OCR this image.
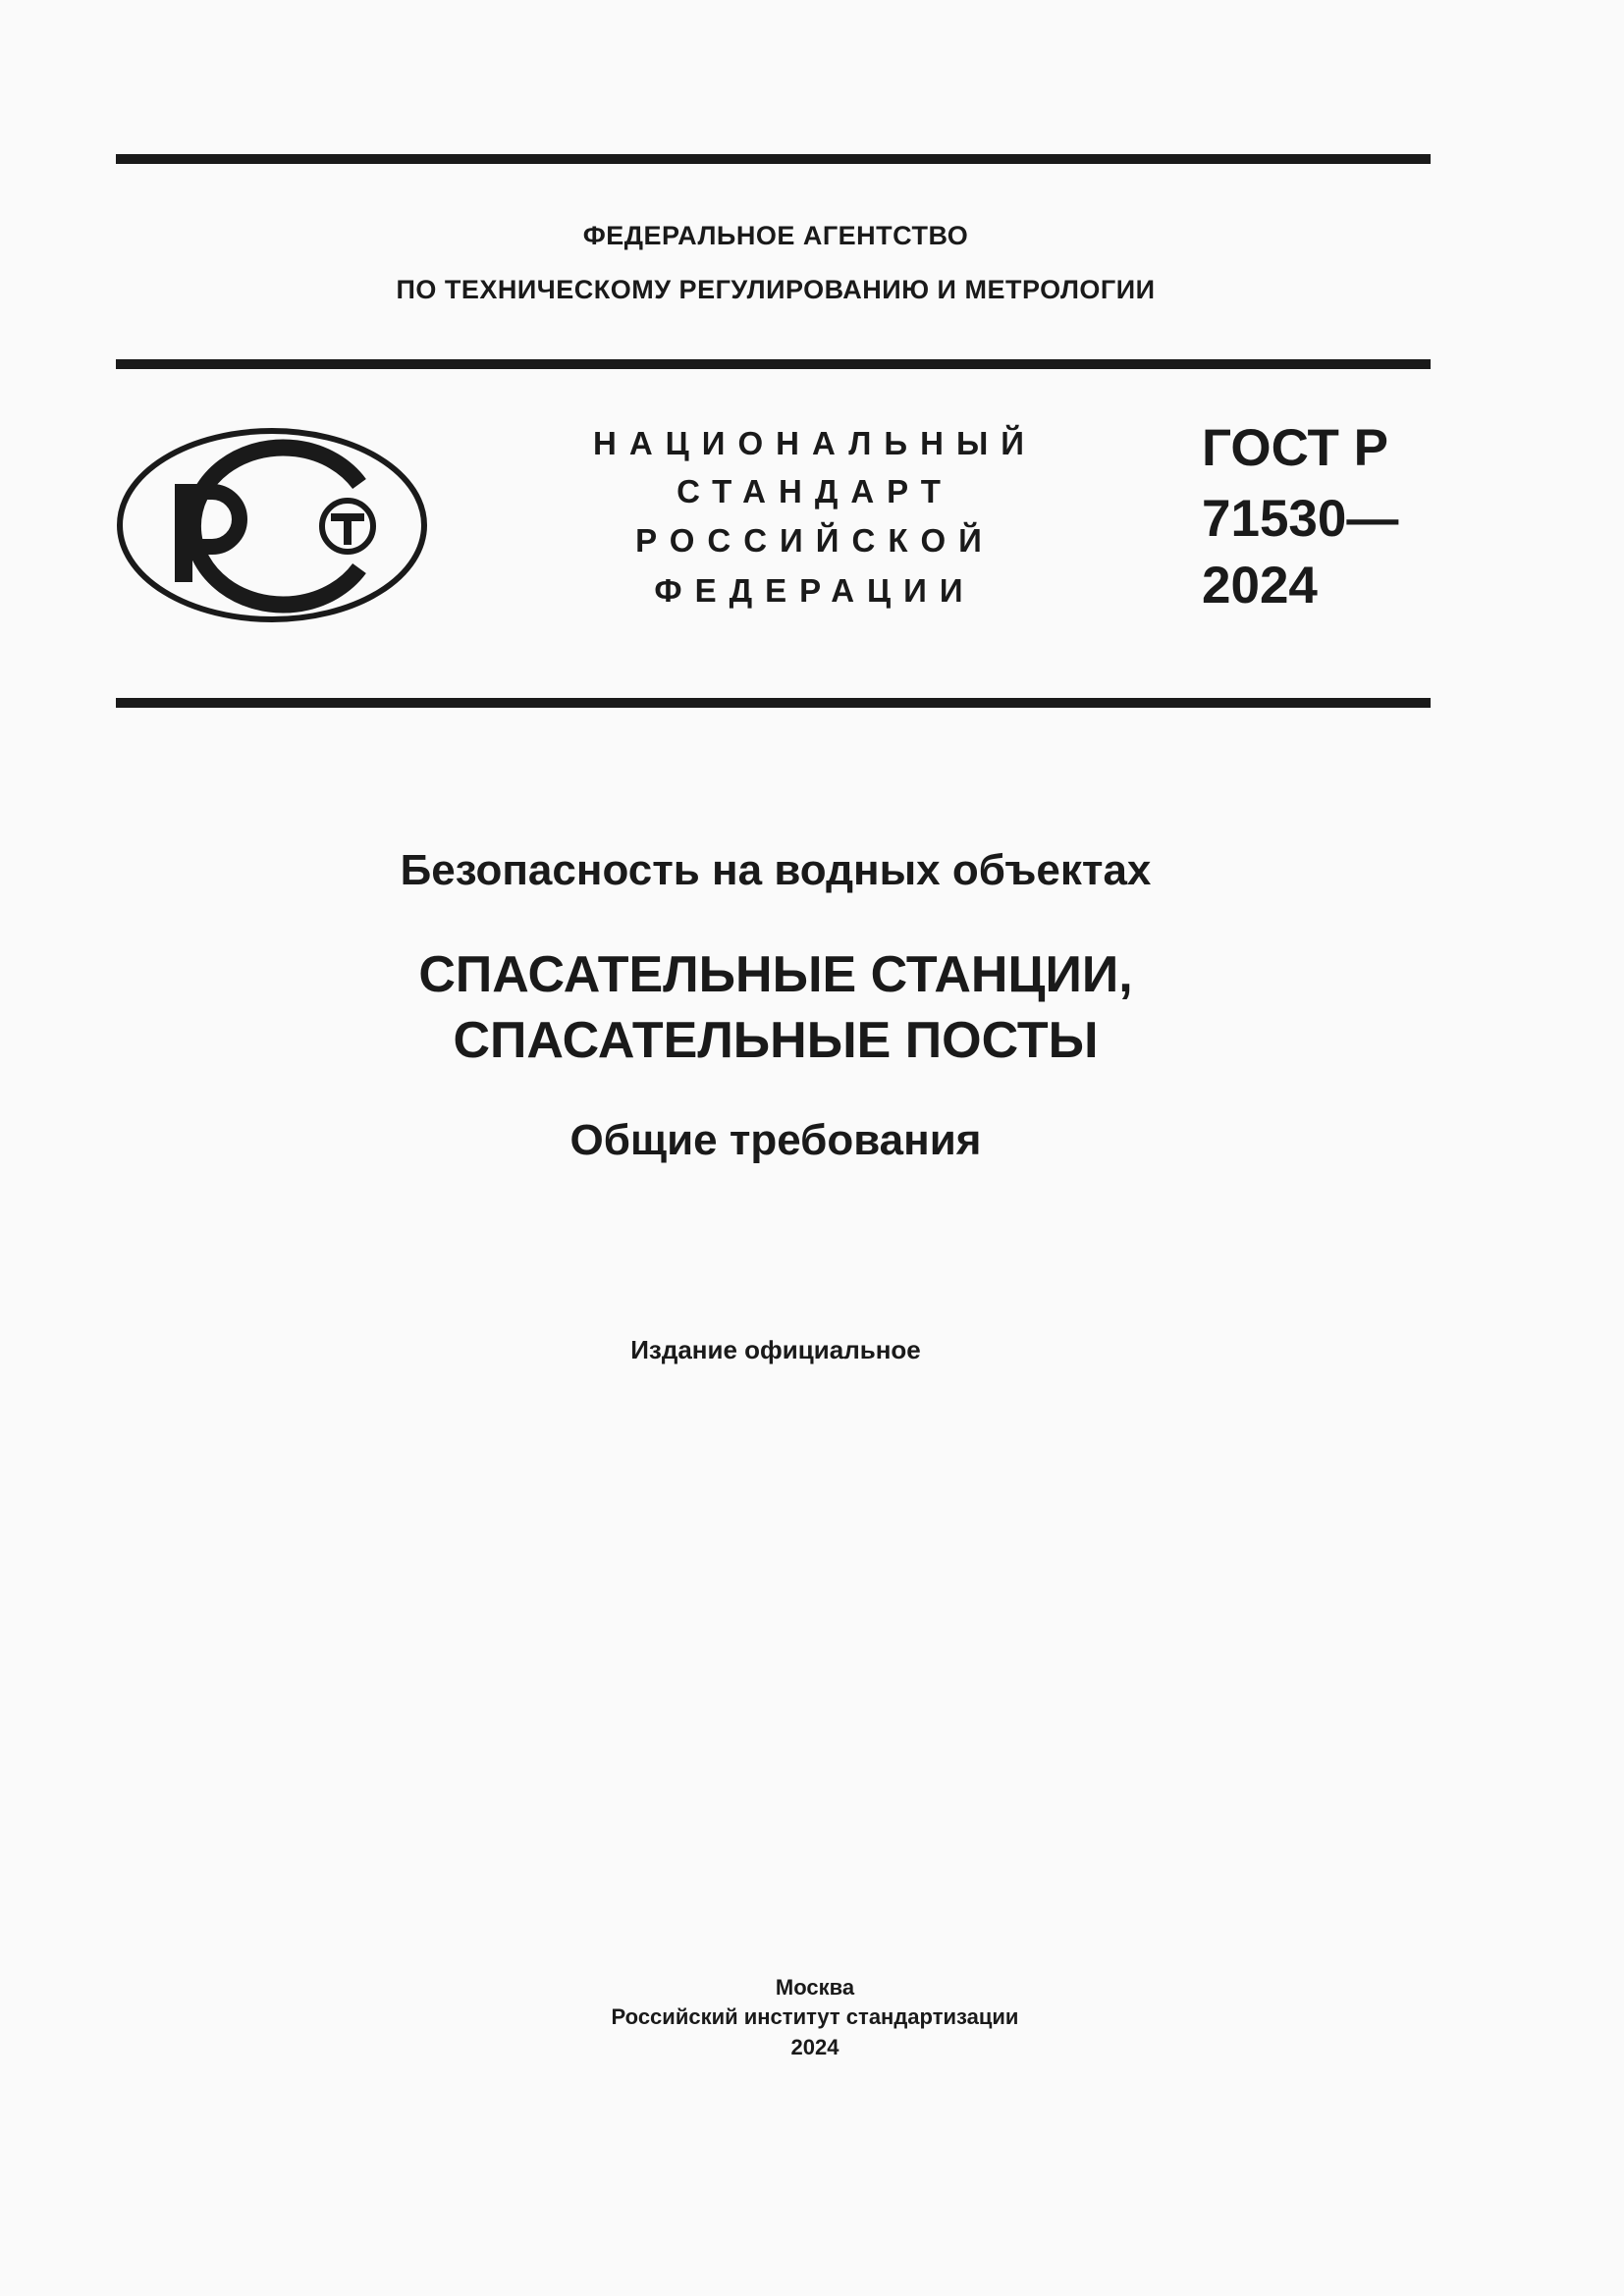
ФЕДЕРАЛЬНОЕ АГЕНТСТВО
ПО ТЕХНИЧЕСКОМУ РЕГУЛИРОВАНИЮ И МЕТРОЛОГИИ
НАЦИОНАЛЬНЫЙ
СТАНДАРТ
РОССИЙСКОЙ
ФЕДЕРАЦИИ
ГОСТ Р
71530—
2024
Безопасность на водных объектах
СПАСАТЕЛЬНЫЕ СТАНЦИИ,
СПАСАТЕЛЬНЫЕ ПОСТЫ
Общие требования
Издание официальное
Москва
Российский институт стандартизации
2024
